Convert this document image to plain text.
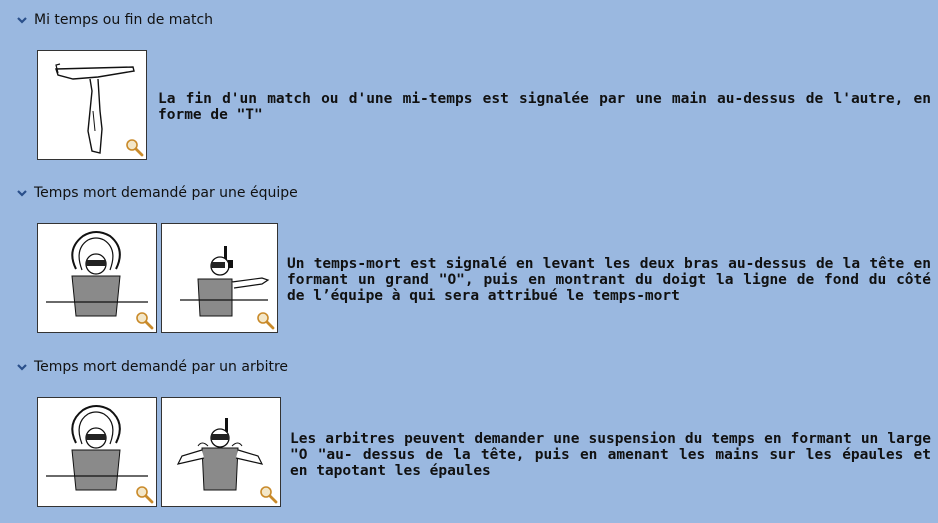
Mi temps ou fin de match
La fin d'un match ou d'une mi-temps est signalée par une main au-dessus de l'autre, en forme de "T"
Temps mort demandé par une équipe
Un temps-mort est signalé en levant les deux bras au-dessus de la tête en formant un grand "O", puis en montrant du doigt la ligne de fond du côté de l’équipe à qui sera attribué le temps-mort
Temps mort demandé par un arbitre
Les arbitres peuvent demander une suspension du temps en formant un large "O "au- dessus de la tête, puis en amenant les mains sur les épaules et en tapotant les épaules
